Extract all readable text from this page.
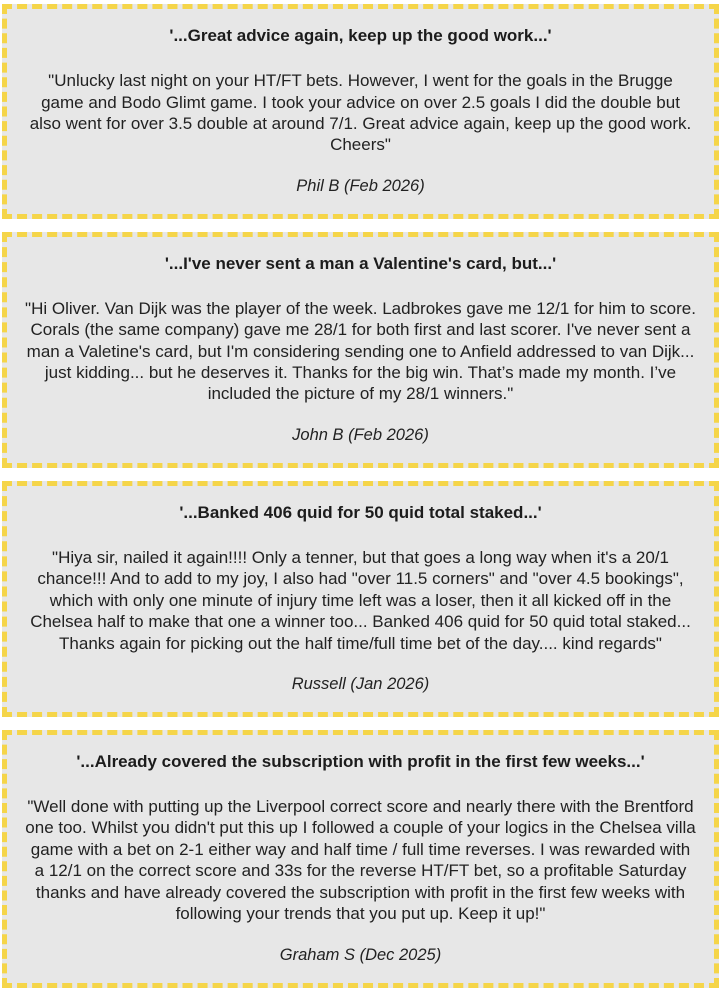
'...Great advice again, keep up the good work...'

"Unlucky last night on your HT/FT bets. However, I went for the goals in the Brugge game and Bodo Glimt game. I took your advice on over 2.5 goals I did the double but also went for over 3.5 double at around 7/1. Great advice again, keep up the good work. Cheers"

Phil B (Feb 2026)

'...I've never sent a man a Valentine's card, but...'

"Hi Oliver. Van Dijk was the player of the week. Ladbrokes gave me 12/1 for him to score. Corals (the same company) gave me 28/1 for both first and last scorer. I've never sent a man a Valetine's card, but I'm considering sending one to Anfield addressed to van Dijk... just kidding... but he deserves it. Thanks for the big win. That’s made my month. I’ve included the picture of my 28/1 winners."

John B (Feb 2026)

'...Banked 406 quid for 50 quid total staked...'

"Hiya sir, nailed it again!!!! Only a tenner, but that goes a long way when it's a 20/1 chance!!! And to add to my joy, I also had "over 11.5 corners" and "over 4.5 bookings", which with only one minute of injury time left was a loser, then it all kicked off in the Chelsea half to make that one a winner too... Banked 406 quid for 50 quid total staked... Thanks again for picking out the half time/full time bet of the day.... kind regards"

Russell (Jan 2026)

'...Already covered the subscription with profit in the first few weeks...'

"Well done with putting up the Liverpool correct score and nearly there with the Brentford one too. Whilst you didn't put this up I followed a couple of your logics in the Chelsea villa game with a bet on 2-1 either way and half time / full time reverses. I was rewarded with a 12/1 on the correct score and 33s for the reverse HT/FT bet, so a profitable Saturday thanks and have already covered the subscription with profit in the first few weeks with following your trends that you put up. Keep it up!"

Graham S (Dec 2025)
